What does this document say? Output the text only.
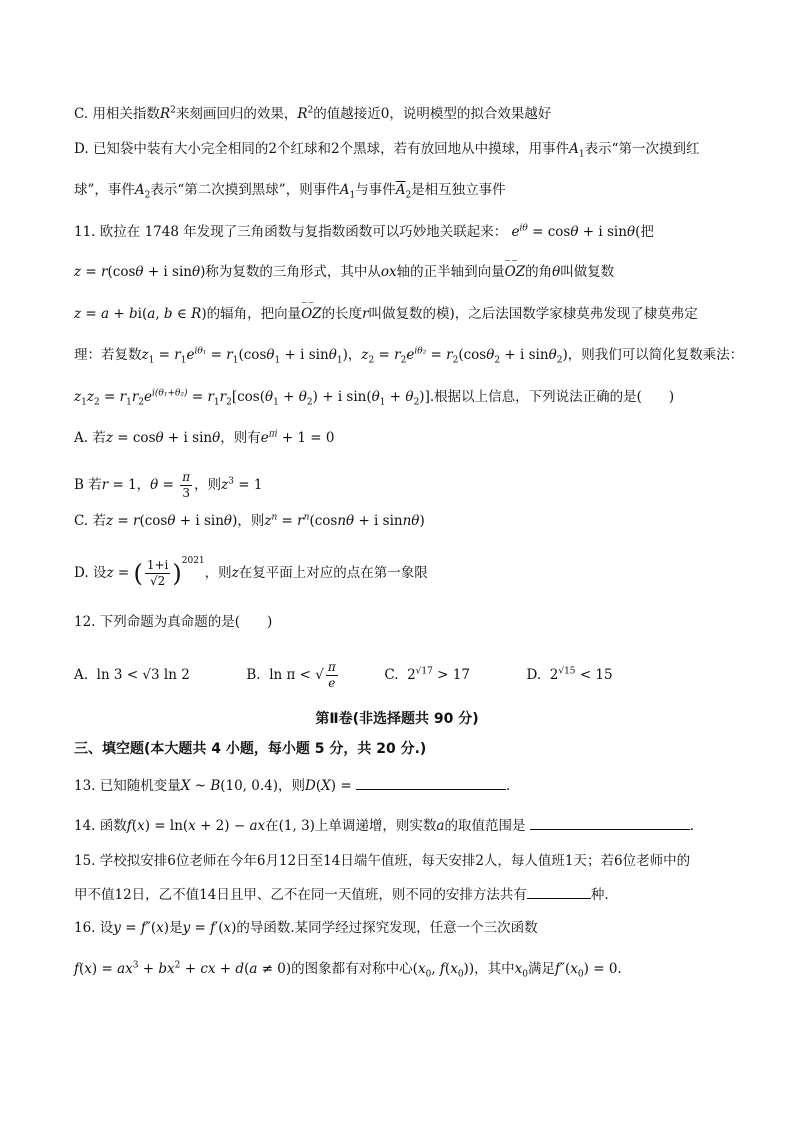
C. 用相关指数$R^2$来刻画回归的效果，$R^2$的值越接近0，说明模型的拟合效果越好
D. 已知袋中装有大小完全相同的2个红球和2个黑球，若有放回地从中摸球，用事件$A_1$表示“第一次摸到红
球”，事件$A_2$表示“第二次摸到黑球”，则事件$A_1$与事件$\overline{A}_2$是相互独立事件
11. 欧拉在 1748 年发现了三角函数与复指数函数可以巧妙地关联起来： $e^{i\theta} = \cos\theta + i$ sinθ(把
z = r(cosθ + i sinθ)称为复数的三角形式，其中从ox轴的正半轴到向量⌣⌣ OZ的角θ叫做复数
z = a + bi(a, b ∈ R)的辐角，把向量⌣⌣ OZ的长度r叫做复数的模)，之后法国数学家棣莫弗发现了棣莫弗定
理：若复数$z_1 = r_1e^{i\theta_1} = r_1(\cos\theta_1 + i$ sinθ$_1$)，$z_2 = r_2e^{i\theta_2} = r_2(\cos\theta_2 + i$ sinθ$_2$)，则我们可以简化复数乘法：
$z_1z_2 = r_1r_2e^{i(\theta_1+\theta_2)} = r_1r_2[\cos(\theta_1 + \theta_2) + i$ $\sin(\theta_1 + \theta_2)$].根据以上信息，下列说法正确的是(　　)
A. 若z = cosθ + i sinθ，则有$e^{\pi i} + 1 = 0$
B 若r = 1，$\theta = \frac{\pi}{3}$ ，则$z^3 = 1$
C. 若z = r(cosθ + i sinθ)，则$z^n = r^n(\cos n\theta + i$ sinnθ)
D. 设z = ( $\frac{1+i}{√2} )^{2021}$，则z在复平面上对应的点在第一象限
12. 下列命题为真命题的是(　　)
A.  ln 3 < √3 ln 2	B.  ln π < √ $\frac{\pi}{e}$	C.  $2^{√17} > 17$	D.  $2^{√15} < 15$
第Ⅱ卷(非选择题共 90 分)
三、填空题(本大题共 4 小题，每小题 5 分，共 20 分.)
13. 已知随机变量X ~ B(10, 0.4)，则D(X) =	.
14. 函数f(x) = ln(x + 2) − ax在(1, 3)上单调递增，则实数a的取值范围是	.
15. 学校拟安排6位老师在今年6月12日至14日端午值班，每天安排2人，每人值班1天；若6位老师中的
甲不值12日，乙不值14日且甲、乙不在同一天值班，则不同的安排方法共有	种.
16. 设y = f″(x)是y = f′(x)的导函数.某同学经过探究发现，任意一个三次函数
$f(x) = ax^3 + bx^2$ + cx + d(a ≠ 0)的图象都有对称中心($x_0$, $f(x_0)$)，其中$x_0$满足$f''(x_0) = 0$.
